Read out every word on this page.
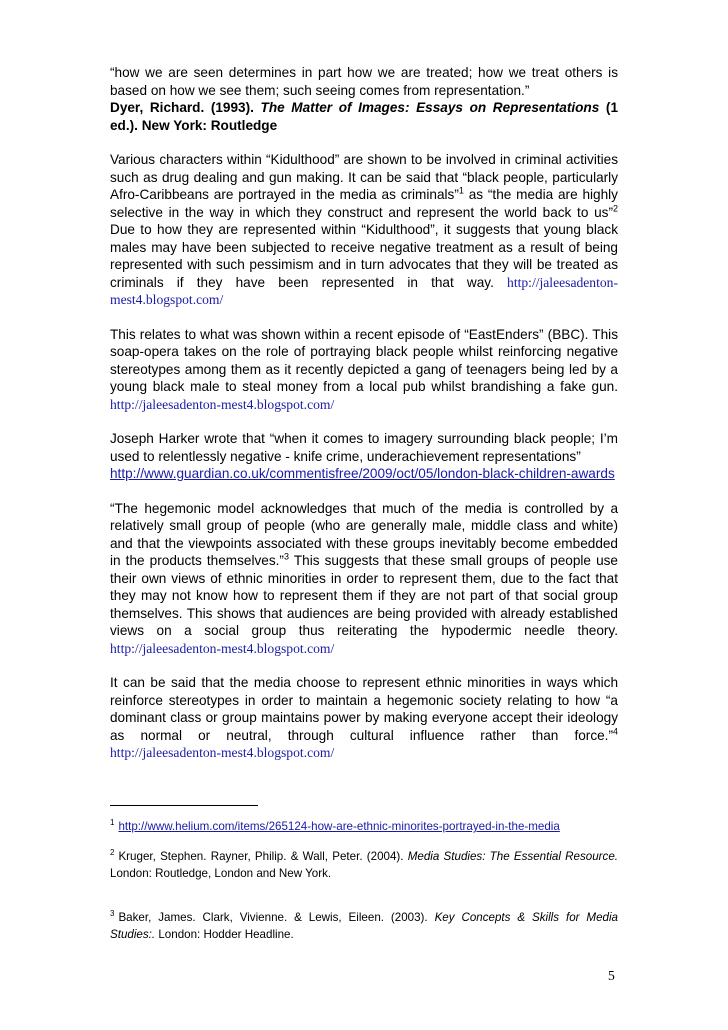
“how we are seen determines in part how we are treated; how we treat others is based on how we see them; such seeing comes from representation.”
Dyer, Richard. (1993). The Matter of Images: Essays on Representations (1 ed.). New York: Routledge

Various characters within “Kidulthood” are shown to be involved in criminal activities such as drug dealing and gun making. It can be said that “black people, particularly Afro-Caribbeans are portrayed in the media as criminals”$^1$ as “the media are highly selective in the way in which they construct and represent the world back to us”$^2$ Due to how they are represented within “Kidulthood”, it suggests that young black males may have been subjected to receive negative treatment as a result of being represented with such pessimism and in turn advocates that they will be treated as criminals if they have been represented in that way. http://jaleesadenton-mest4.blogspot.com/

This relates to what was shown within a recent episode of “EastEnders” (BBC). This soap-opera takes on the role of portraying black people whilst reinforcing negative stereotypes among them as it recently depicted a gang of teenagers being led by a young black male to steal money from a local pub whilst brandishing a fake gun. http://jaleesadenton-mest4.blogspot.com/

Joseph Harker wrote that “when it comes to imagery surrounding black people; I’m used to relentlessly negative - knife crime, underachievement representations”
http://www.guardian.co.uk/commentisfree/2009/oct/05/london-black-children-awards

“The hegemonic model acknowledges that much of the media is controlled by a relatively small group of people (who are generally male, middle class and white) and that the viewpoints associated with these groups inevitably become embedded in the products themselves.”$^3$ This suggests that these small groups of people use their own views of ethnic minorities in order to represent them, due to the fact that they may not know how to represent them if they are not part of that social group themselves. This shows that audiences are being provided with already established views on a social group thus reiterating the hypodermic needle theory. http://jaleesadenton-mest4.blogspot.com/

It can be said that the media choose to represent ethnic minorities in ways which reinforce stereotypes in order to maintain a hegemonic society relating to how “a dominant class or group maintains power by making everyone accept their ideology as normal or neutral, through cultural influence rather than force.”$^4$ http://jaleesadenton-mest4.blogspot.com/

$^1$ http://www.helium.com/items/265124-how-are-ethnic-minorites-portrayed-in-the-media

$^2$ Kruger, Stephen. Rayner, Philip. & Wall, Peter. (2004). Media Studies: The Essential Resource. London: Routledge, London and New York.

$^3$ Baker, James. Clark, Vivienne. & Lewis, Eileen. (2003). Key Concepts & Skills for Media Studies:. London: Hodder Headline.

5
